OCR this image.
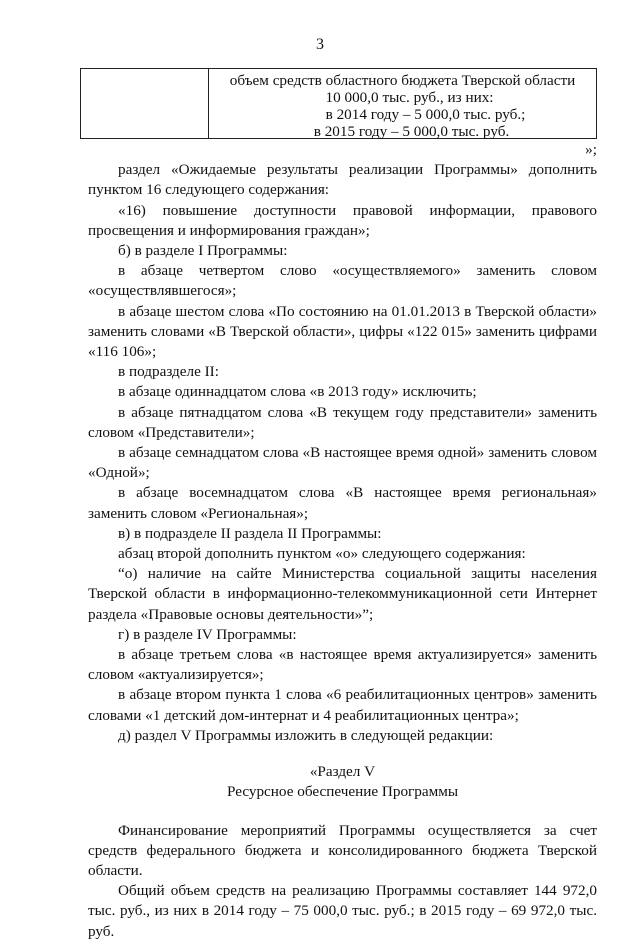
3
объем средств областного бюджета Тверской области
10 000,0 тыс. руб., из них:
в 2014 году – 5 000,0 тыс. руб.;
в 2015 году – 5 000,0 тыс. руб.

»;

раздел «Ожидаемые результаты реализации Программы» дополнить пунктом 16 следующего содержания:

«16) повышение доступности правовой информации, правового просвещения и информирования граждан»;

б) в разделе I Программы:

в абзаце четвертом слово «осуществляемого» заменить словом «осуществлявшегося»;

в абзаце шестом слова «По состоянию на 01.01.2013 в Тверской области» заменить словами «В Тверской области», цифры «122 015» заменить цифрами «116 106»;

в подразделе II:

в абзаце одиннадцатом слова «в 2013 году» исключить;

в абзаце пятнадцатом слова «В текущем году представители» заменить словом «Представители»;

в абзаце семнадцатом слова «В настоящее время одной» заменить словом «Одной»;

в абзаце восемнадцатом слова «В настоящее время региональная» заменить словом «Региональная»;

в) в подразделе II раздела II Программы:

абзац второй дополнить пунктом «о» следующего содержания:

“о) наличие на сайте Министерства социальной защиты населения Тверской области в информационно-телекоммуникационной сети Интернет раздела «Правовые основы деятельности»”;

г) в разделе IV Программы:

в абзаце третьем слова «в настоящее время актуализируется» заменить словом «актуализируется»;

в абзаце втором пункта 1 слова «6 реабилитационных центров» заменить словами «1 детский дом-интернат и 4 реабилитационных центра»;

д) раздел V Программы изложить в следующей редакции:

«Раздел V

Ресурсное обеспечение Программы

Финансирование мероприятий Программы осуществляется за счет средств федерального бюджета и консолидированного бюджета Тверской области.

Общий объем средств на реализацию Программы составляет 144 972,0 тыс. руб., из них в 2014 году – 75 000,0 тыс. руб.; в 2015 году – 69 972,0 тыс. руб.
